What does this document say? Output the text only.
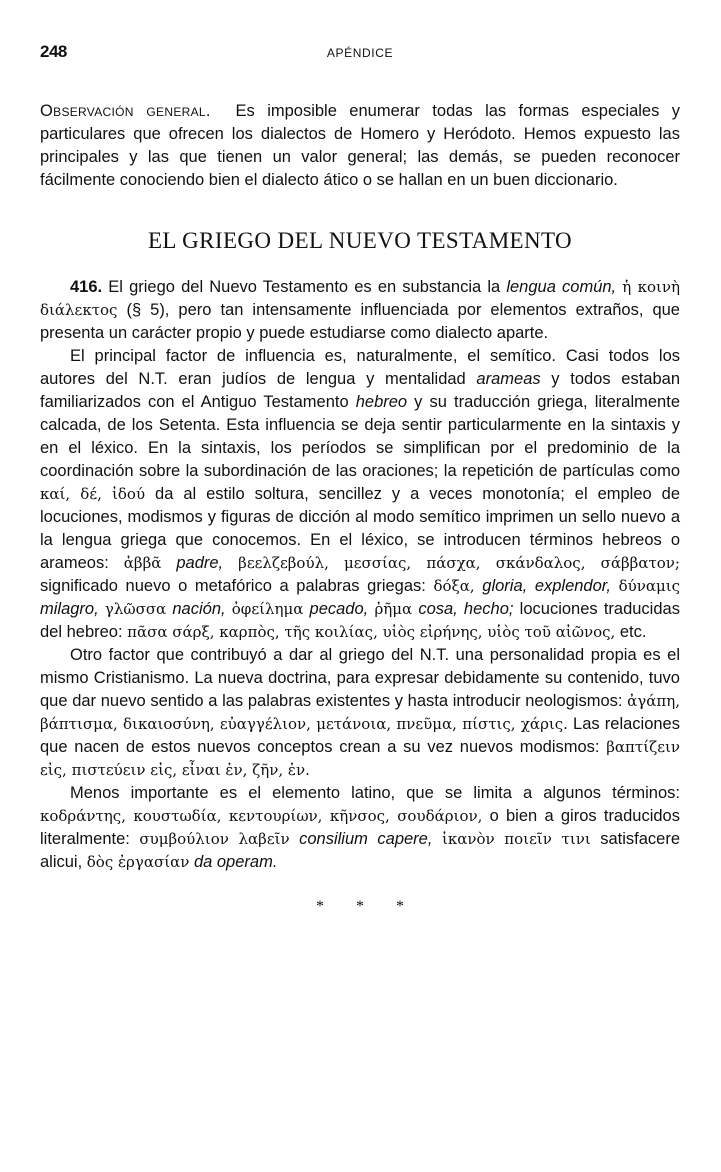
248	APÉNDICE

Observación general. Es imposible enumerar todas las formas especiales y particulares que ofrecen los dialectos de Homero y Heródoto. Hemos expuesto las principales y las que tienen un valor general; las demás, se pueden reconocer fácilmente conociendo bien el dialecto ático o se hallan en un buen diccionario.

EL GRIEGO DEL NUEVO TESTAMENTO

416. El griego del Nuevo Testamento es en substancia la lengua común, ἡ κοινὴ διάλεκτος (§ 5), pero tan intensamente influenciada por elementos extraños, que presenta un carácter propio y puede estudiarse como dialecto aparte.

El principal factor de influencia es, naturalmente, el semítico. Casi todos los autores del N.T. eran judíos de lengua y mentalidad arameas y todos estaban familiarizados con el Antiguo Testamento hebreo y su traducción griega, literalmente calcada, de los Setenta. Esta influencia se deja sentir particularmente en la sintaxis y en el léxico. En la sintaxis, los períodos se simplifican por el predominio de la coordinación sobre la subordinación de las oraciones; la repetición de partículas como καί, δέ, ἰδού da al estilo soltura, sencillez y a veces monotonía; el empleo de locuciones, modismos y figuras de dicción al modo semítico imprimen un sello nuevo a la lengua griega que conocemos. En el léxico, se introducen términos hebreos o arameos: ἀββᾶ padre, βεελζεβούλ, μεσσίας, πάσχα, σκάνδαλος, σάββατον; significado nuevo o metafórico a palabras griegas: δόξα, gloria, explendor, δύναμις milagro, γλῶσσα nación, ὀφείλημα pecado, ῥῆμα cosa, hecho; locuciones traducidas del hebreo: πᾶσα σάρξ, καρπὸς, τῆς κοιλίας, υἱὸς εἰρήνης, υἱὸς τοῦ αἰῶνος, etc.

Otro factor que contribuyó a dar al griego del N.T. una personalidad propia es el mismo Cristianismo. La nueva doctrina, para expresar debidamente su contenido, tuvo que dar nuevo sentido a las palabras existentes y hasta introducir neologismos: ἀγάπη, βάπτισμα, δικαιοσύνη, εὐαγγέλιον, μετάνοια, πνεῦμα, πίστις, χάρις. Las relaciones que nacen de estos nuevos conceptos crean a su vez nuevos modismos: βαπτίζειν εἰς, πιστεύειν εἰς, εἶναι ἐν, ζῆν, ἐν.

Menos importante es el elemento latino, que se limita a algunos términos: κοδράντης, κουστωδία, κεντουρίων, κῆνσος, σουδάριον, o bien a giros traducidos literalmente: συμβούλιον λαβεῖν consilium capere, ἱκανὸν ποιεῖν τινι satisfacere alicui, δὸς ἐργασίαν da operam.

* * *
